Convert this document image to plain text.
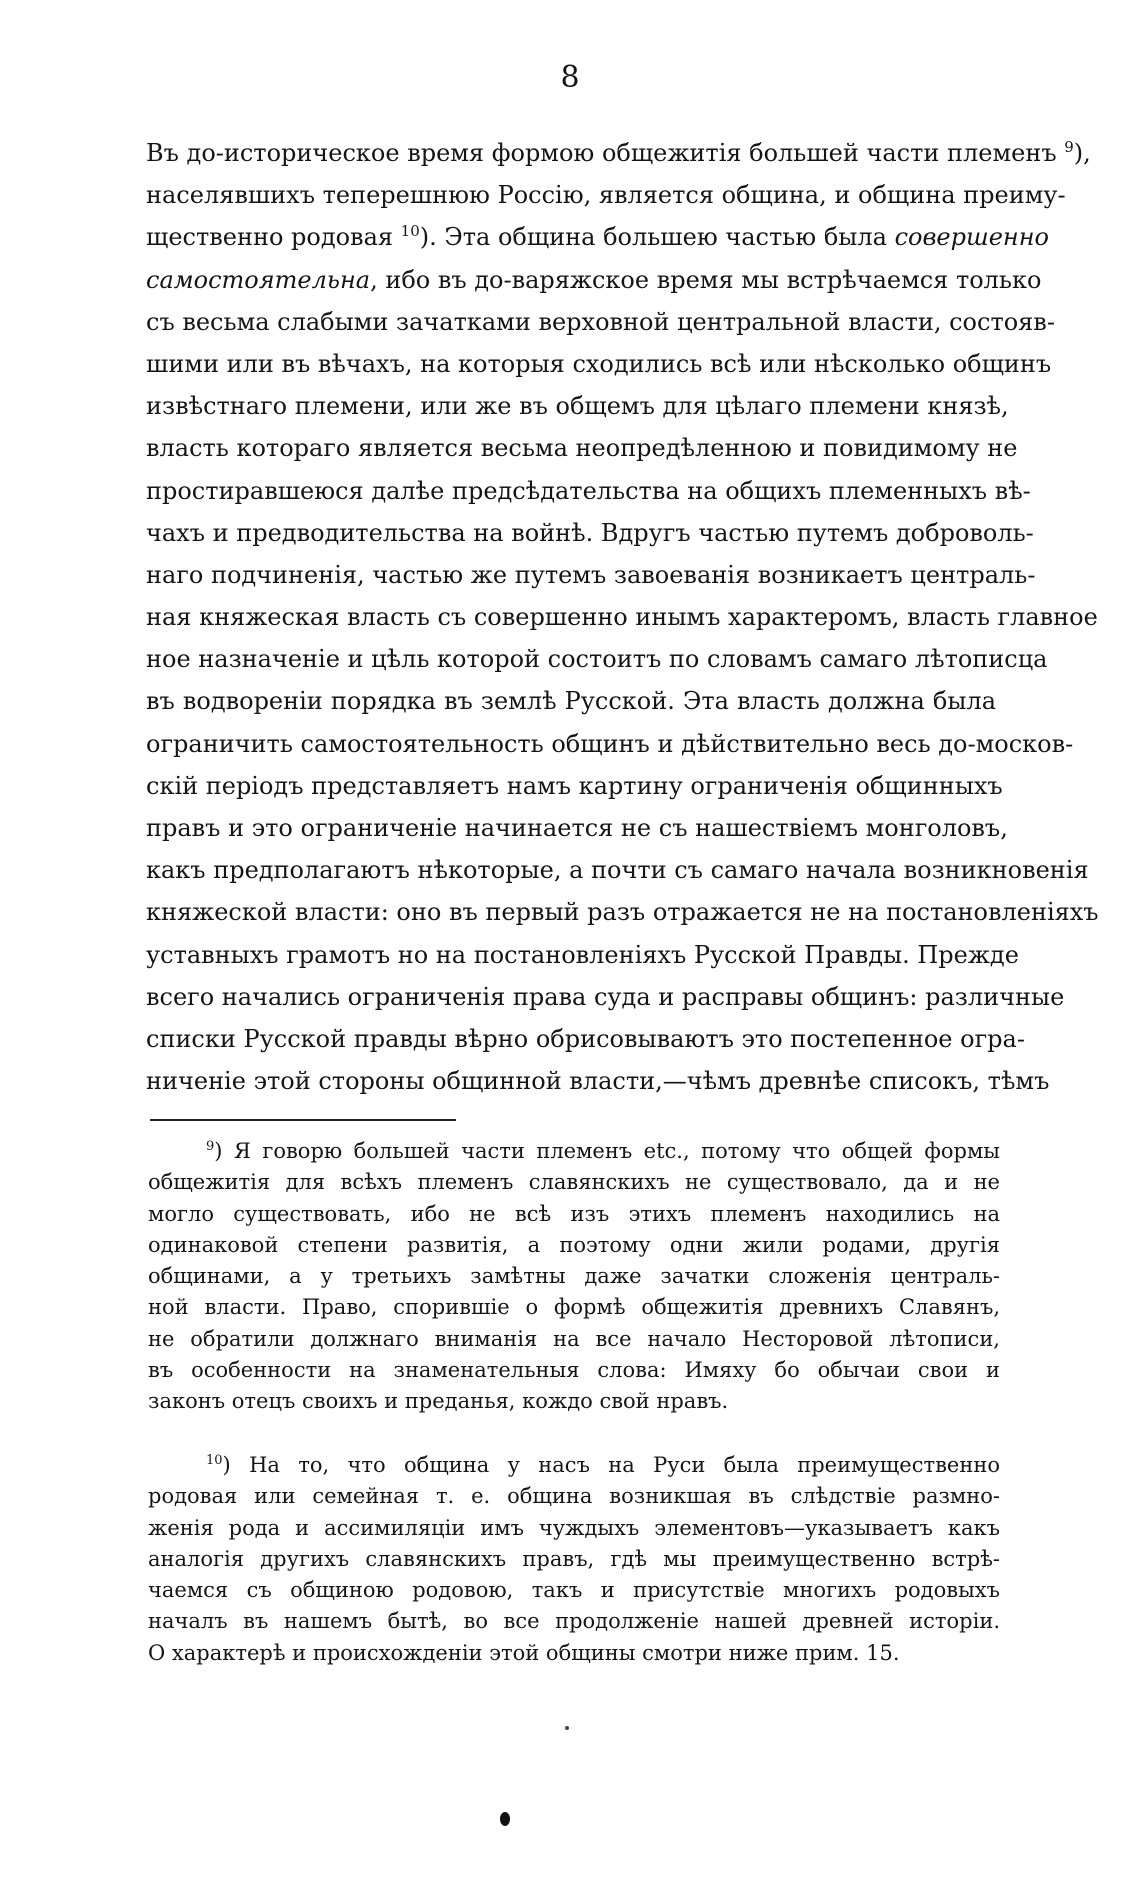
8
Въ до-историческое время формою общежитія большей части племенъ $^9$),
населявшихъ теперешнюю Россію, является община, и община преиму-
щественно родовая $^{10}$). Эта община большею частью была совершенно
самостоятельна, ибо въ до-варяжское время мы встрѣчаемся только
съ весьма слабыми зачатками верховной центральной власти, состояв-
шими или въ вѣчахъ, на которыя сходились всѣ или нѣсколько общинъ
извѣстнаго племени, или же въ общемъ для цѣлаго племени князѣ,
власть котораго является весьма неопредѣленною и повидимому не
простиравшеюся далѣе предсѣдательства на общихъ племенныхъ вѣ-
чахъ и предводительства на войнѣ. Вдругъ частью путемъ доброволь-
наго подчиненія, частью же путемъ завоеванія возникаетъ централь-
ная княжеская власть съ совершенно инымъ характеромъ, власть главное
ное назначеніе и цѣль которой состоитъ по словамъ самаго лѣтописца
въ водвореніи порядка въ землѣ Русской. Эта власть должна была
ограничить самостоятельность общинъ и дѣйствительно весь до-москов-
скій періодъ представляетъ намъ картину ограниченія общинныхъ
правъ и это ограниченіе начинается не съ нашествіемъ монголовъ,
какъ предполагаютъ нѣкоторые, а почти съ самаго начала возникновенія
княжеской власти: оно въ первый разъ отражается не на постановленіяхъ
уставныхъ грамотъ но на постановленіяхъ Русской Правды. Прежде
всего начались ограниченія права суда и расправы общинъ: различные
списки Русской правды вѣрно обрисовываютъ это постепенное огра-
ниченіе этой стороны общинной власти,—чѣмъ древнѣе списокъ, тѣмъ
$^9$) Я говорю большей части племенъ etc., потому что общей формы
общежитія для всѣхъ племенъ славянскихъ не существовало, да и не
могло существовать, ибо не всѣ изъ этихъ племенъ находились на
одинаковой степени развитія, а поэтому одни жили родами, другія
общинами, а у третьихъ замѣтны даже зачатки сложенія централь-
ной власти. Право, спорившіе о формѣ общежитія древнихъ Славянъ,
не обратили должнаго вниманія на все начало Несторовой лѣтописи,
въ особенности на знаменательныя слова: Имяху бо обычаи свои и
законъ отецъ своихъ и преданья, кождо свой нравъ.
$^{10}$) На то, что община у насъ на Руси была преимущественно
родовая или семейная т. е. община возникшая въ слѣдствіе размно-
женія рода и ассимиляціи имъ чуждыхъ элементовъ—указываетъ какъ
аналогія другихъ славянскихъ правъ, гдѣ мы преимущественно встрѣ-
чаемся съ общиною родовою, такъ и присутствіе многихъ родовыхъ
началъ въ нашемъ бытѣ, во все продолженіе нашей древней исторіи.
О характерѣ и происхожденіи этой общины смотри ниже прим. 15.
